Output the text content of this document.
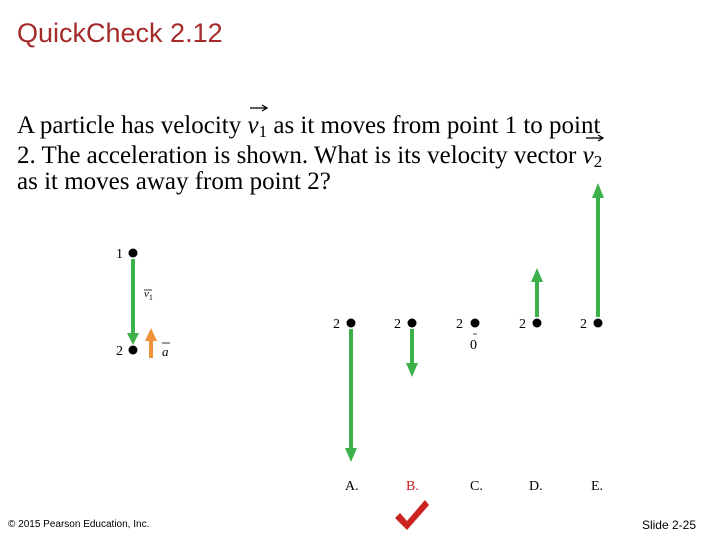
QuickCheck 2.12
A particle has velocity $v_1$ as it moves from point 1 to point
2. The acceleration is shown. What is its velocity vector $v_2$
as it moves away from point 2?
1
$v_1$
2	a
2
A.
2
B.
2
0
C.
2
D.
2
E.
© 2015 Pearson Education, Inc.	Slide 2-25
